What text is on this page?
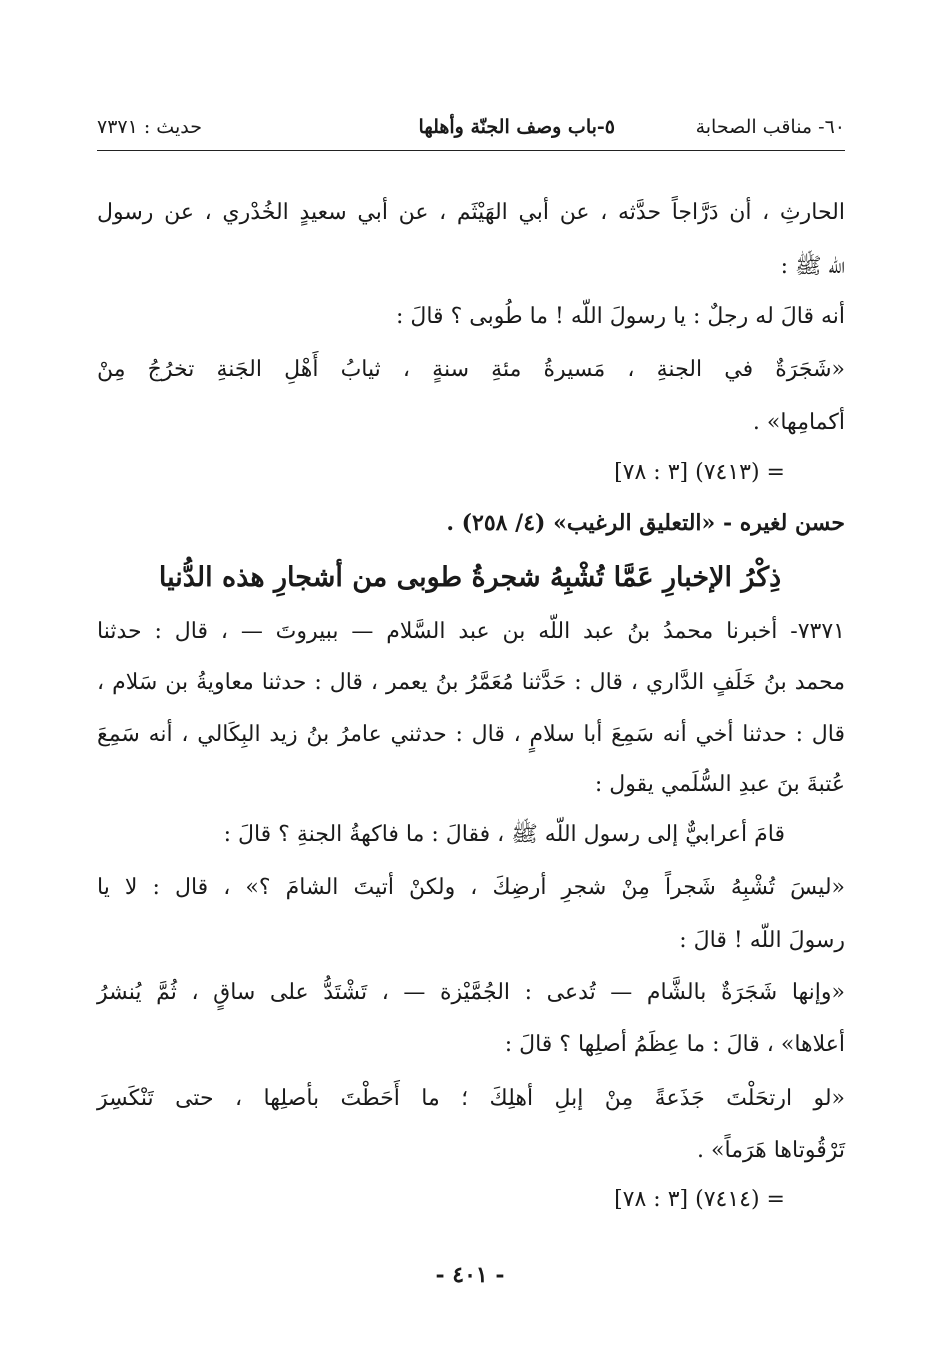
٦٠- مناقب الصحابة
٥-باب وصف الجنّة وأهلها
حديث : ٧٣٧١
الحارثِ ، أن دَرَّاجاً حدَّثه ، عن أبي الهَيْثَم ، عن أبي سعيدٍ الخُدْري ، عن رسول
اللّه ﷺ :
أنه قالَ له رجلٌ : يا رسولَ اللّه ! ما طُوبى ؟ قالَ :
«شَجَرَةٌ في الجنةِ ، مَسيرةُ مئةِ سنةٍ ، ثيابُ أَهْلِ الجَنةِ تخرُجُ مِنْ
أكمامِها» .
= (٧٤١٣) [٣ : ٧٨]
حسن لغيره - «التعليق الرغيب» (٤/ ٢٥٨) .
ذِكْرُ الإخبارِ عَمَّا تُشْبِهُ شجرةُ طوبى من أشجارِ هذه الدُّنيا
٧٣٧١- أخبرنا محمدُ بنُ عبد اللّه بن عبد السَّلام — ببيروتَ — ، قال : حدثنا
محمد بنُ خَلَفٍ الدَّاري ، قال : حَدَّثنا مُعَمَّرُ بنُ يعمر ، قال : حدثنا معاويةُ بن سَلام ،
قال : حدثنا أخي أنه سَمِعَ أبا سلامٍ ، قال : حدثني عامرُ بنُ زيد البِكَالي ، أنه سَمِعَ
عُتبةَ بنَ عبدِ السُّلَمي يقول :
قامَ أعرابيٌّ إلى رسول اللّه ﷺ ، فقالَ : ما فاكهةُ الجنةِ ؟ قالَ :
«ليسَ تُشْبِهُ شَجراً مِنْ شجرِ أرضِكَ ، ولكنْ أتيتَ الشامَ ؟» ، قال : لا يا
رسولَ اللّه ! قالَ :
«وإنها شَجَرَةٌ بالشَّام — تُدعى : الجُمَّيْزة — ، تَشْتَدُّ على ساقٍ ، ثُمَّ يُنشرُ
أعلاها» ، قالَ : ما عِظَمُ أصلِها ؟ قالَ :
«لو ارتحَلْتَ جَذَعةً مِنْ إبلِ أهلِكَ ؛ ما أَحَطْتَ بأصلِها ، حتى تَنْكَسِرَ
تَرْقُوتاها هَرَماً» .
= (٧٤١٤) [٣ : ٧٨]
- ٤٠١ -
